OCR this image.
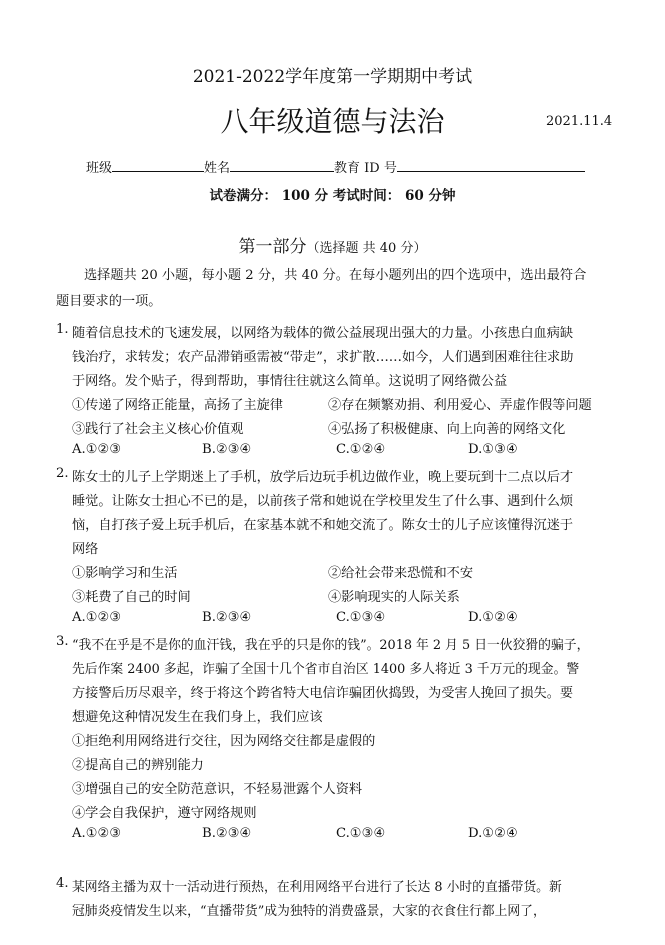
2021-2022学年度第一学期期中考试
八年级道德与法治	2021.11.4
班级	姓名	教育 ID 号
试卷满分： 100 分 考试时间： 60 分钟
第一部分（选择题 共 40 分）
选择题共 20 小题，每小题 2 分，共 40 分。在每小题列出的四个选项中，选出最符合
题目要求的一项。
1. 随着信息技术的飞速发展，以网络为载体的微公益展现出强大的力量。小孩患白血病缺
钱治疗，求转发；农产品滞销亟需被“带走”，求扩散……如今，人们遇到困难往往求助
于网络。发个贴子，得到帮助，事情往往就这么简单。这说明了网络微公益
①传递了网络正能量，高扬了主旋律	②存在频繁劝捐、利用爱心、弄虚作假等问题
③践行了社会主义核心价值观	④弘扬了积极健康、向上向善的网络文化
A.①②③	B.②③④	C.①②④	D.①③④
2. 陈女士的儿子上学期迷上了手机，放学后边玩手机边做作业，晚上要玩到十二点以后才
睡觉。让陈女士担心不已的是，以前孩子常和她说在学校里发生了什么事、遇到什么烦
恼，自打孩子爱上玩手机后，在家基本就不和她交流了。陈女士的儿子应该懂得沉迷于
网络
①影响学习和生活	②给社会带来恐慌和不安
③耗费了自己的时间	④影响现实的人际关系
A.①②③	B.②③④	C.①③④	D.①②④
3. “我不在乎是不是你的血汗钱，我在乎的只是你的钱”。2018 年 2 月 5 日一伙狡猾的骗子，
先后作案 2400 多起，诈骗了全国十几个省市自治区 1400 多人将近 3 千万元的现金。警
方接警后历尽艰辛，终于将这个跨省特大电信诈骗团伙捣毁，为受害人挽回了损失。要
想避免这种情况发生在我们身上，我们应该
①拒绝利用网络进行交往，因为网络交往都是虚假的
②提高自己的辨别能力
③增强自己的安全防范意识，不轻易泄露个人资料
④学会自我保护，遵守网络规则
A.①②③	B.②③④	C.①③④	D.①②④
4. 某网络主播为双十一活动进行预热，在利用网络平台进行了长达 8 小时的直播带货。新
冠肺炎疫情发生以来，“直播带货”成为独特的消费盛景，大家的衣食住行都上网了，
